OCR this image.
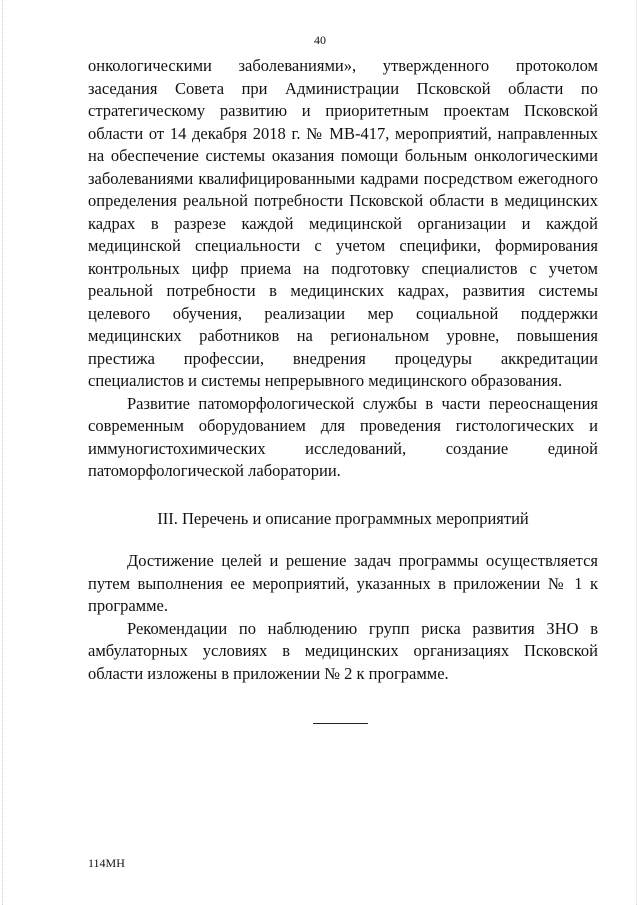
40

онкологическими заболеваниями», утвержденного протоколом заседания Совета при Администрации Псковской области по стратегическому развитию и приоритетным проектам Псковской области от 14 декабря 2018 г. № МВ-417, мероприятий, направленных на обеспечение системы оказания помощи больным онкологическими заболеваниями квалифицированными кадрами посредством ежегодного определения реальной потребности Псковской области в медицинских кадрах в разрезе каждой медицинской организации и каждой медицинской специальности с учетом специфики, формирования контрольных цифр приема на подготовку специалистов с учетом реальной потребности в медицинских кадрах, развития системы целевого обучения, реализации мер социальной поддержки медицинских работников на региональном уровне, повышения престижа профессии, внедрения процедуры аккредитации специалистов и системы непрерывного медицинского образования.

Развитие патоморфологической службы в части переоснащения современным оборудованием для проведения гистологических и иммуногистохимических исследований, создание единой патоморфологической лаборатории.

III. Перечень и описание программных мероприятий

Достижение целей и решение задач программы осуществляется путем выполнения ее мероприятий, указанных в приложении № 1 к программе.

Рекомендации по наблюдению групп риска развития ЗНО в амбулаторных условиях в медицинских организациях Псковской области изложены в приложении № 2 к программе.

114МН
